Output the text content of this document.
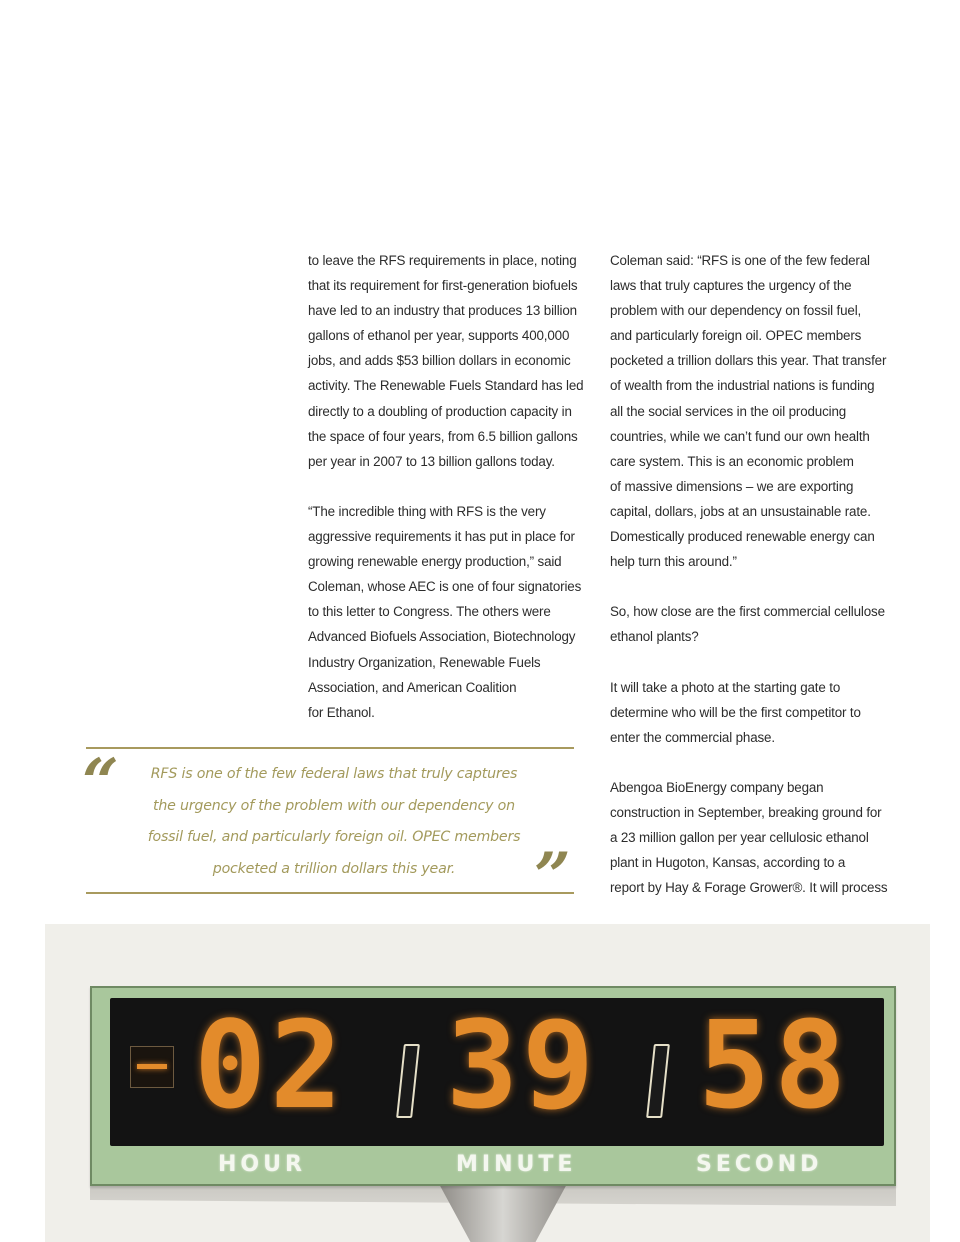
to leave the RFS requirements in place, noting

that its requirement for first-generation biofuels

have led to an industry that produces 13 billion

gallons of ethanol per year, supports 400,000

jobs, and adds $53 billion dollars in economic

activity. The Renewable Fuels Standard has led

directly to a doubling of production capacity in

the space of four years, from 6.5 billion gallons

per year in 2007 to 13 billion gallons today.

“The incredible thing with RFS is the very

aggressive requirements it has put in place for

growing renewable energy production,” said

Coleman, whose AEC is one of four signatories

to this letter to Congress. The others were

Advanced Biofuels Association, Biotechnology

Industry Organization, Renewable Fuels

Association, and American Coalition

for Ethanol.

Coleman said: “RFS is one of the few federal

laws that truly captures the urgency of the

problem with our dependency on fossil fuel,

and particularly foreign oil. OPEC members

pocketed a trillion dollars this year. That transfer

of wealth from the industrial nations is funding

all the social services in the oil producing

countries, while we can’t fund our own health

care system. This is an economic problem

of massive dimensions – we are exporting

capital, dollars, jobs at an unsustainable rate.

Domestically produced renewable energy can

help turn this around.”

So, how close are the first commercial cellulose

ethanol plants?

It will take a photo at the starting gate to

determine who will be the first competitor to

enter the commercial phase.

Abengoa BioEnergy company began

construction in September, breaking ground for

a 23 million gallon per year cellulosic ethanol

plant in Hugoton, Kansas, according to a

report by Hay & Forage Grower®. It will process

“	RFS is one of the few federal laws that truly captures
the urgency of the problem with our dependency on
fossil fuel, and particularly foreign oil. OPEC members
pocketed a trillion dollars this year.	”
0 2 3 9 5 8
HOUR	MINUTE	SECOND
